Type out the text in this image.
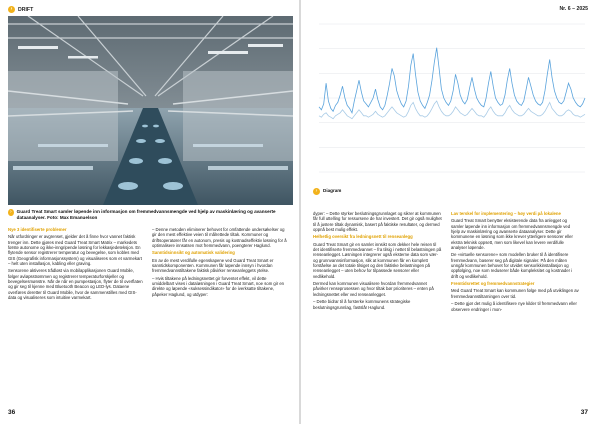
›	DRIFT
›	Guard Treat Smart samler løpende inn informasjon om fremmedvannsmengde ved hjelp av maskinlæring og avanserte dataanalyser. Foto: Max Emanuelson

Nye 3 identifiserte problemer

Når utfordringer er avgrenset, gjelder det å finne hvor vannet faktisk trenger inn. Dette gjøres med Guard Treat Smart Matrix – markedets første autonome og ikke-inngripende løsning for lekkasjedeteksjon. En flytende sensor registrerer temperatur og bevegelse, som kobles med GIS (Geografisk informasjonssystem) og visualiseres som et varmekart – helt uten installasjon, kabling eller graving.

Sensorene aktiveres trådløst via mobilapplikasjonen Guard Mobile, følger avløpsstrømmen og registrerer temperaturforskjeller og bevegelsesmønstre. Når de når en pumpestasjon, flyter de til overflaten og gir seg til kjenne med Bluetooth Beacon og LED-lys. Dataene overføres deretter til Guard Mobile, hvor de sammenstilles med GIS-data og visualiseres som intuitive varmekart.

– Denne metoden eliminerer behovet for omfattende undersøkelser og gir den mest effektive veien til målrettede tiltak. Kommuner og driftsoperatører får en autonom, presis og kostnadseffektiv løsning for å optimalisere innsatsen mot fremmedvann, poengterer Haglund.

Sanntidsinnsikt og automatisk validering

En av de mest verdifulle egenskapene ved Guard Treat Smart er sanntidskomponenten. Kommunen får løpende innsyn i hvordan fremmedvannstiltakene faktisk påvirker renseanleggets ytelse.

– Hvis tiltakene på ledningsnettet gir forventet effekt, vil dette umiddelbart vises i dataløsningen i Guard Treat Smart, noe som gir en direkte og løpende «suksessindikator» for de iverksatte tiltakene, påpeker Haglund, og utdyper:

36
Nr. 6 – 2025
›	Diagram

dyper: – Dette styrker beslutningsgrunnlaget og sikrer at kommunen får full uttelling for ressursene de har investert. Det gir også mulighet til å justere tiltak dynamisk, basert på faktiske resultater, og dermed oppnå best mulig effekt.

Helhetlig oversikt fra ledningsnett til renseanlegg

Guard Treat Smart gir en samlet innsikt som dekker hele reisen til det identifiserte fremmedvannet – fra tilsig i nettet til belastningen på renseanlegget. Løsningen integrerer også eksterne data som vær- og grunnvannsinformasjon, slik at kommunen får en komplett forståelse av det totale tilsiget og den faktiske belastningen på renseanlegget – uten behov for tilpassede sensorer eller vedlikehold.

Dermed kan kommunen visualisere hvordan fremmedvannet påvirker renseprosessen og hvor tiltak bør prioriteres – enten på ledningsnettet eller ved renseanlegget.

– Dette bidrar til å forsterke kommunens strategiske beslutningsgrunnlag, fastslår Haglund.

Lav terskel for implementering – høy verdi på lokalene

Guard Treat Smart benytter eksisterende data fra anlegget og samler løpende inn informasjon om fremmedvannsmengde ved hjelp av maskinlæring og avanserte dataanalyser. Dette gir kommunene en løsning som ikke krever ytterligere sensorer eller ekstra teknisk oppsett, men som likevel kan levere verdifulle analyser løpende.

De «virtuelle sensorene» som modellen bruker til å identifisere fremmedvann, baserer seg på digitale signaler. På den måten unngår kommunen behovet for utvidet sensorikkinstallasjon og oppfølging, noe som reduserer både kompleksitet og kostnader i drift og vedlikehold.

Fremtidsrettet og fremmedvannstrategier

Med Guard Treat Smart kan kommunen følge med på utviklingen av fremmedvannstiltarningen over tid.

– Dette gjør det mulig å identifisere nye kilder til fremmedvann eller observere endringer i mon-

37
